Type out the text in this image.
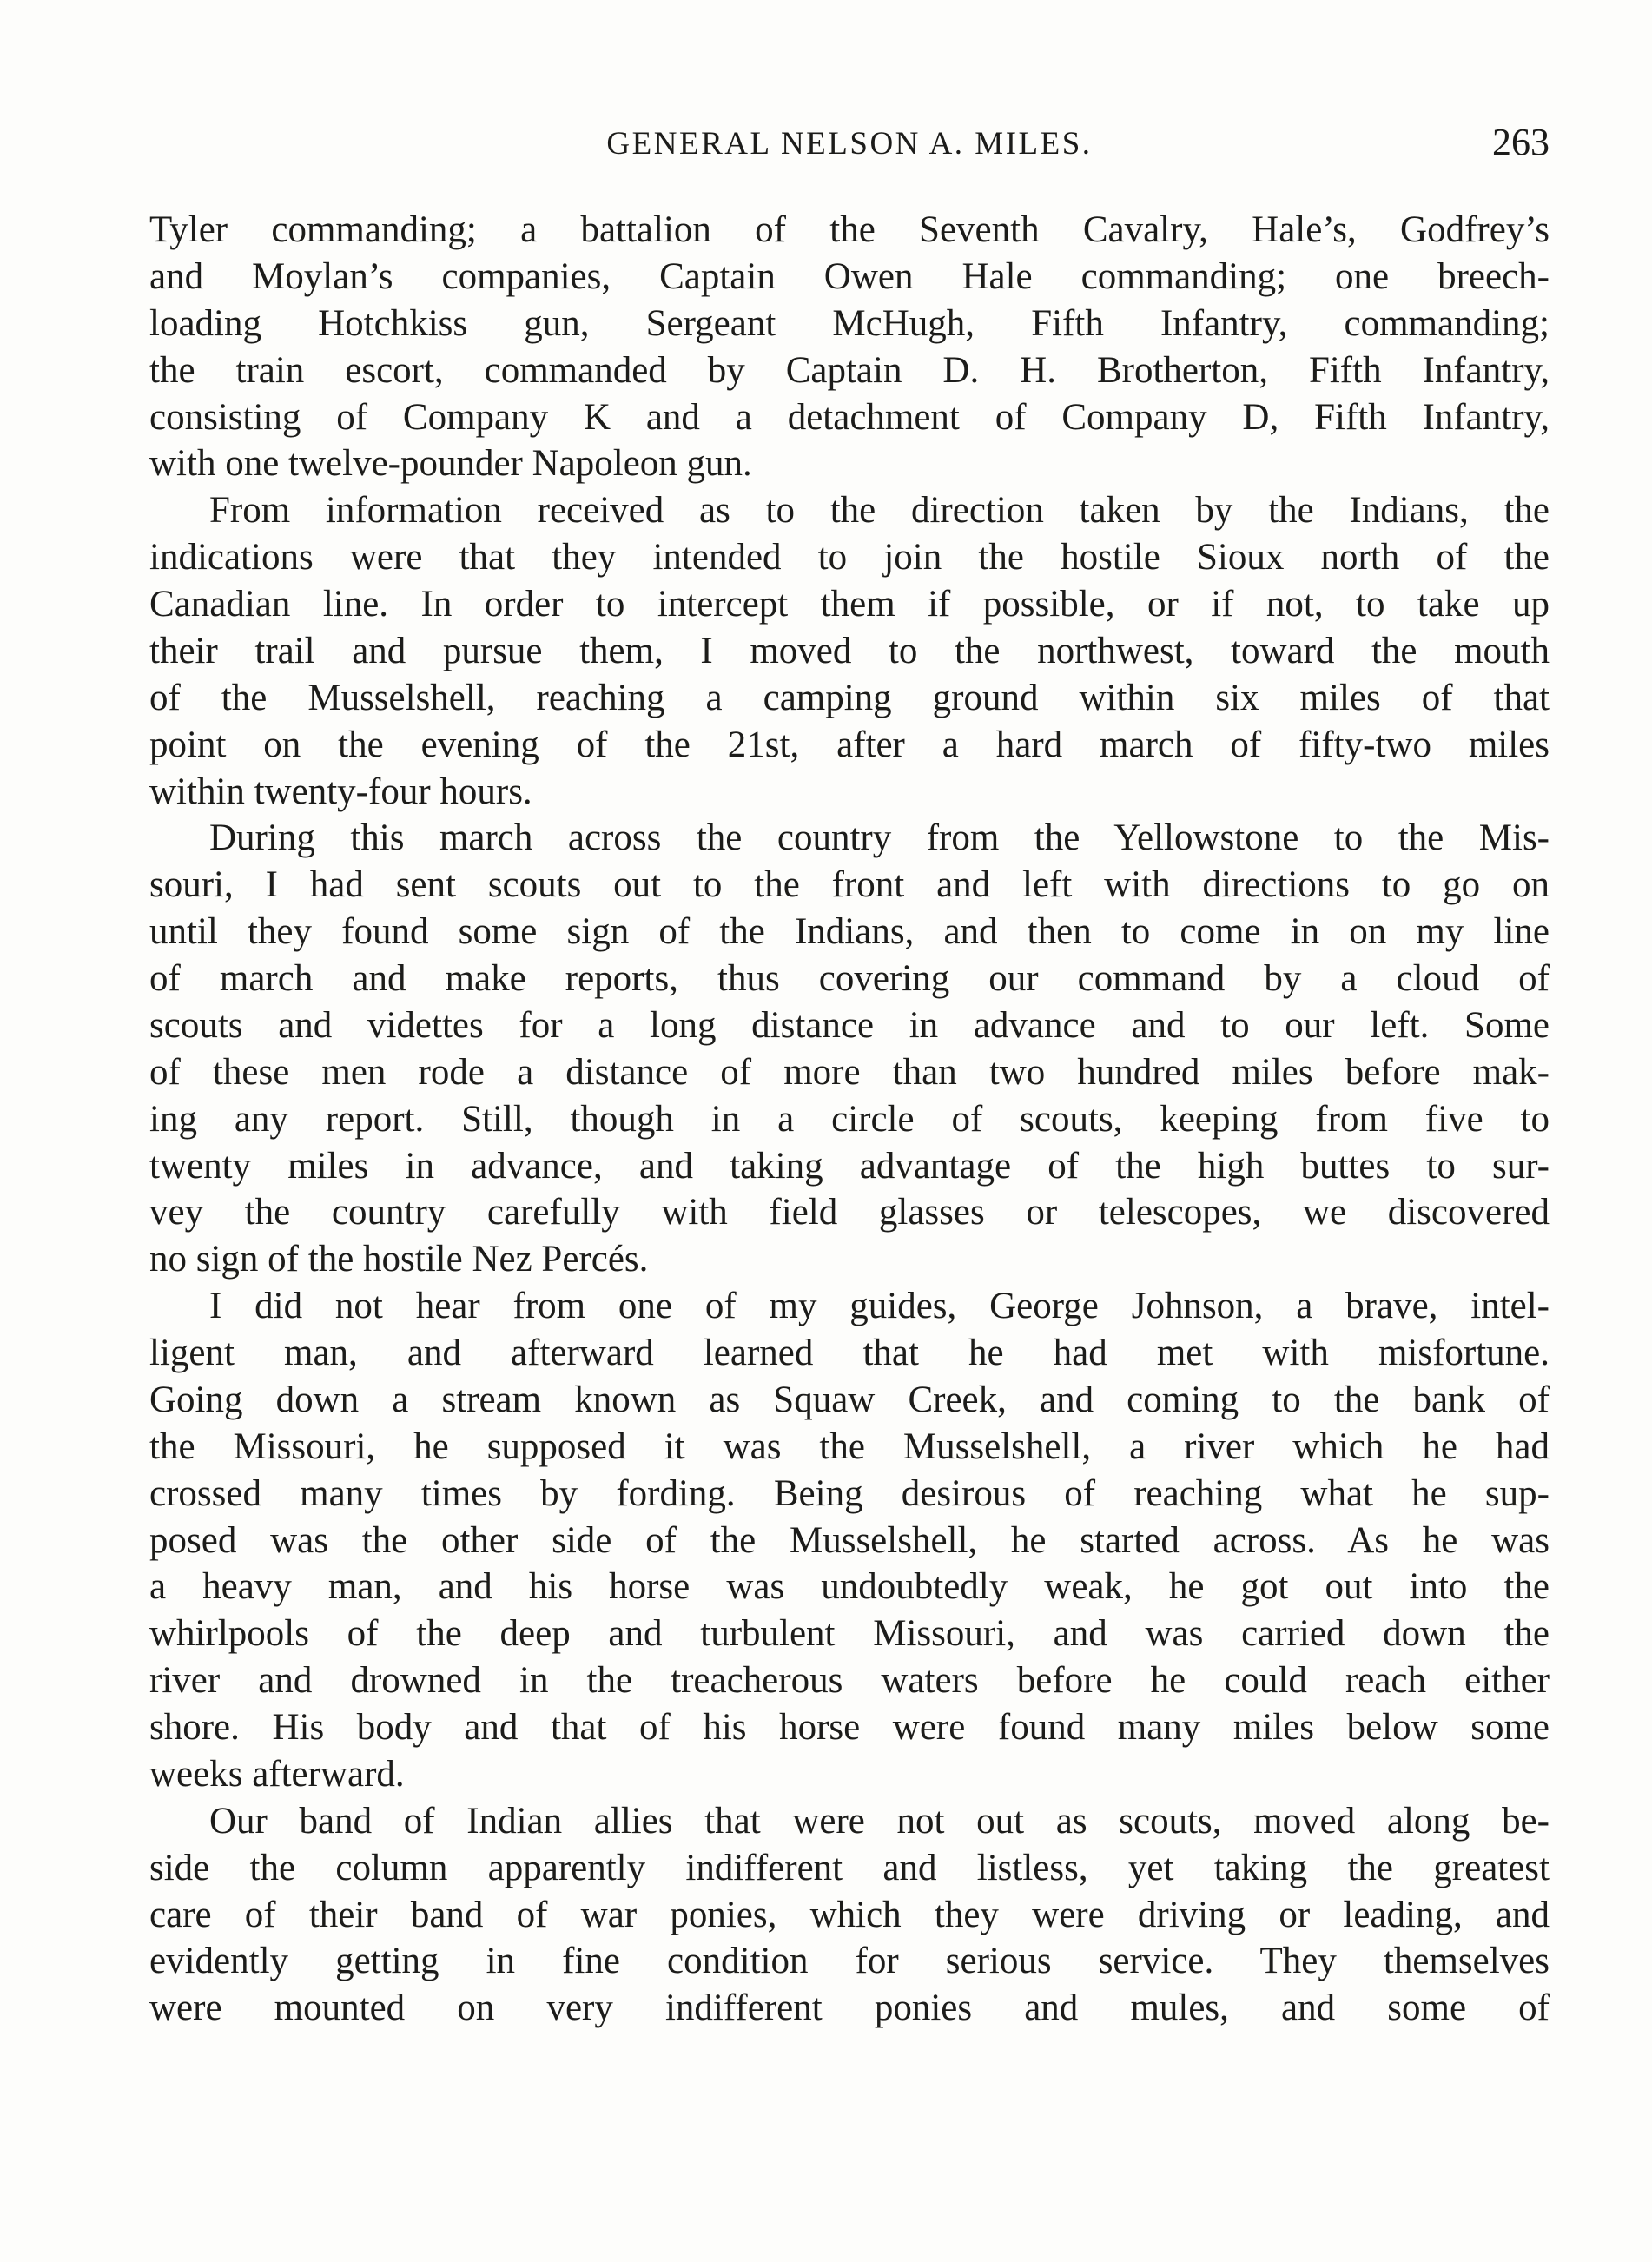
GENERAL NELSON A. MILES.	263
Tyler commanding; a battalion of the Seventh Cavalry, Hale’s, Godfrey’s
and Moylan’s companies, Captain Owen Hale commanding; one breech-
loading Hotchkiss gun, Sergeant McHugh, Fifth Infantry, commanding;
the train escort, commanded by Captain D. H. Brotherton, Fifth Infantry,
consisting of Company K and a detachment of Company D, Fifth Infantry,
with one twelve-pounder Napoleon gun.
From information received as to the direction taken by the Indians, the
indications were that they intended to join the hostile Sioux north of the
Canadian line. In order to intercept them if possible, or if not, to take up
their trail and pursue them, I moved to the northwest, toward the mouth
of the Musselshell, reaching a camping ground within six miles of that
point on the evening of the 21st, after a hard march of fifty-two miles
within twenty-four hours.
During this march across the country from the Yellowstone to the Mis-
souri, I had sent scouts out to the front and left with directions to go on
until they found some sign of the Indians, and then to come in on my line
of march and make reports, thus covering our command by a cloud of
scouts and videttes for a long distance in advance and to our left. Some
of these men rode a distance of more than two hundred miles before mak-
ing any report. Still, though in a circle of scouts, keeping from five to
twenty miles in advance, and taking advantage of the high buttes to sur-
vey the country carefully with field glasses or telescopes, we discovered
no sign of the hostile Nez Percés.
I did not hear from one of my guides, George Johnson, a brave, intel-
ligent man, and afterward learned that he had met with misfortune.
Going down a stream known as Squaw Creek, and coming to the bank of
the Missouri, he supposed it was the Musselshell, a river which he had
crossed many times by fording. Being desirous of reaching what he sup-
posed was the other side of the Musselshell, he started across. As he was
a heavy man, and his horse was undoubtedly weak, he got out into the
whirlpools of the deep and turbulent Missouri, and was carried down the
river and drowned in the treacherous waters before he could reach either
shore. His body and that of his horse were found many miles below some
weeks afterward.
Our band of Indian allies that were not out as scouts, moved along be-
side the column apparently indifferent and listless, yet taking the greatest
care of their band of war ponies, which they were driving or leading, and
evidently getting in fine condition for serious service. They themselves
were mounted on very indifferent ponies and mules, and some of
